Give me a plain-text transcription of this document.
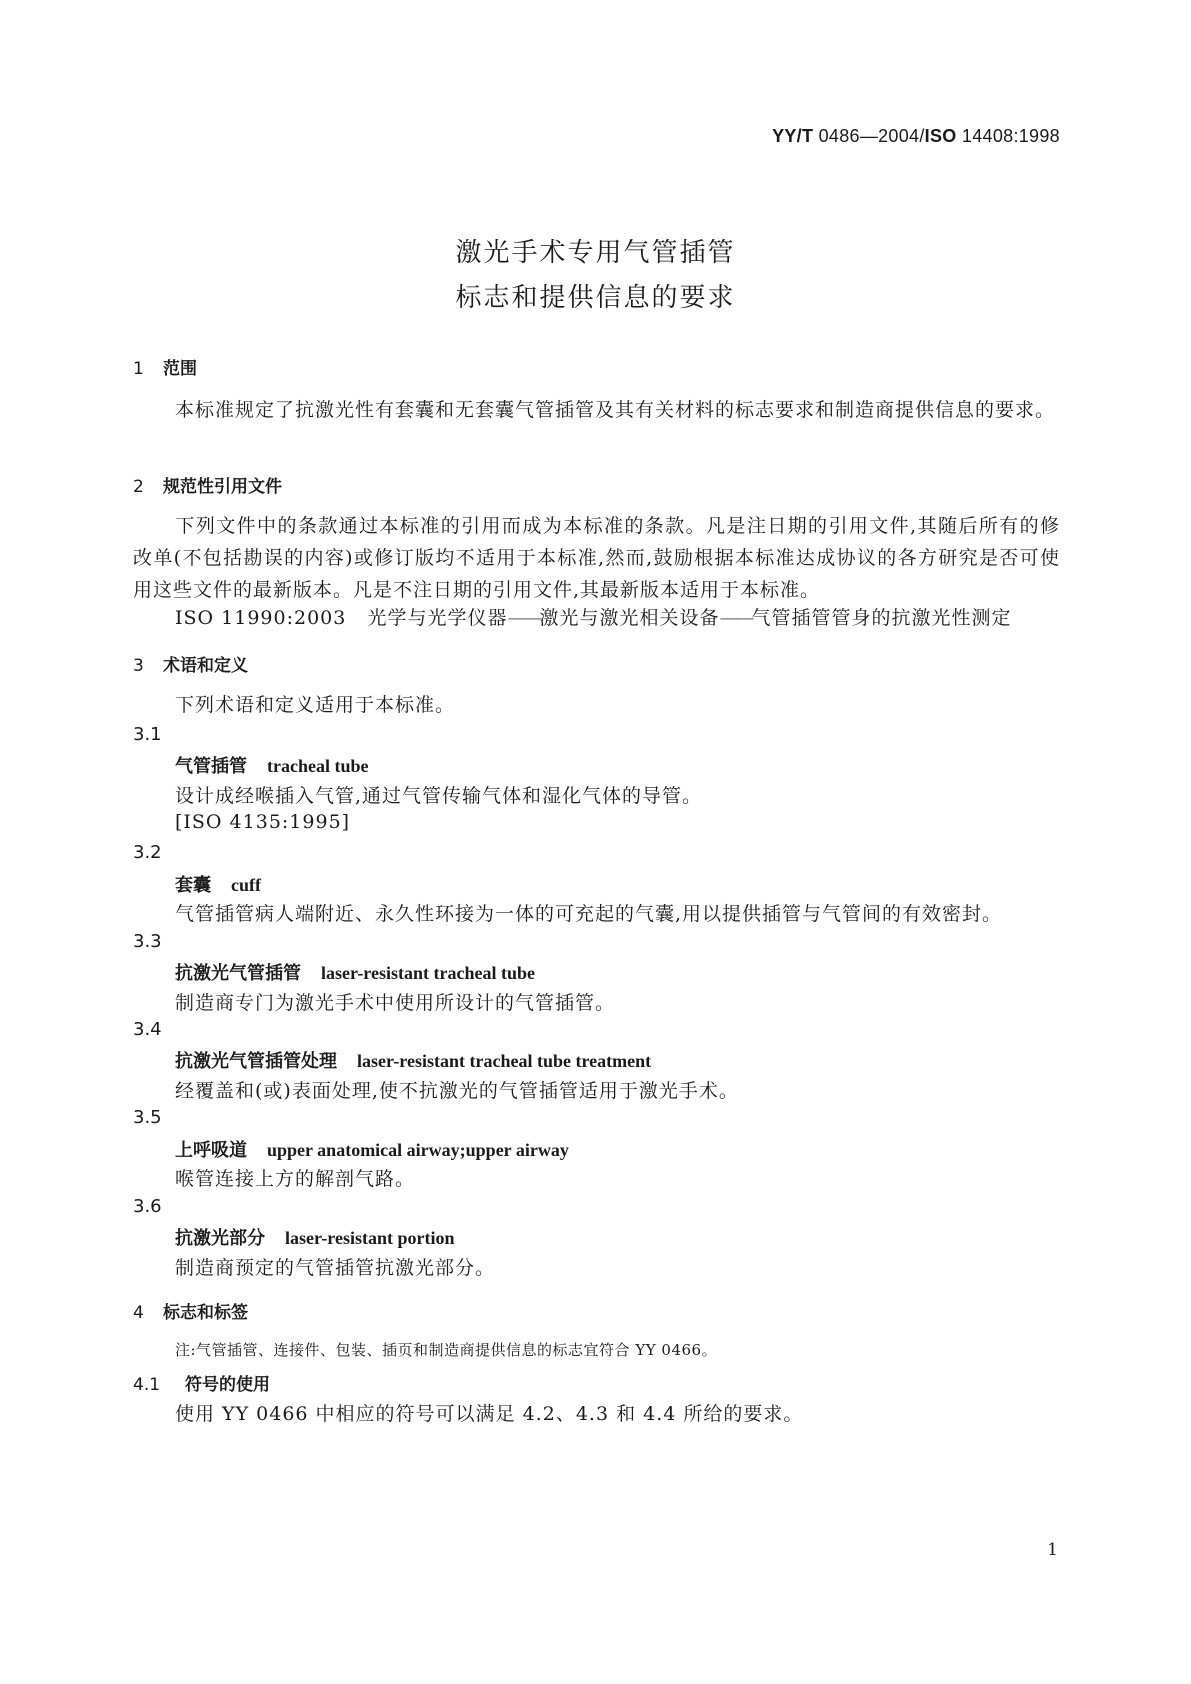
YY/T 0486—2004/ISO 14408:1998
激光手术专用气管插管
标志和提供信息的要求
1 范围
本标准规定了抗激光性有套囊和无套囊气管插管及其有关材料的标志要求和制造商提供信息的要求。
2 规范性引用文件
下列文件中的条款通过本标准的引用而成为本标准的条款。凡是注日期的引用文件,其随后所有的修改单(不包括勘误的内容)或修订版均不适用于本标准,然而,鼓励根据本标准达成协议的各方研究是否可使用这些文件的最新版本。凡是不注日期的引用文件,其最新版本适用于本标准。
ISO 11990:2003 光学与光学仪器——激光与激光相关设备——气管插管管身的抗激光性测定
3 术语和定义
下列术语和定义适用于本标准。
3.1
气管插管 tracheal tube
设计成经喉插入气管,通过气管传输气体和湿化气体的导管。
[ISO 4135:1995]
3.2
套囊 cuff
气管插管病人端附近、永久性环接为一体的可充起的气囊,用以提供插管与气管间的有效密封。
3.3
抗激光气管插管 laser-resistant tracheal tube
制造商专门为激光手术中使用所设计的气管插管。
3.4
抗激光气管插管处理 laser-resistant tracheal tube treatment
经覆盖和(或)表面处理,使不抗激光的气管插管适用于激光手术。
3.5
上呼吸道 upper anatomical airway;upper airway
喉管连接上方的解剖气路。
3.6
抗激光部分 laser-resistant portion
制造商预定的气管插管抗激光部分。
4 标志和标签
注:气管插管、连接件、包装、插页和制造商提供信息的标志宜符合 YY 0466。
4.1 符号的使用
使用 YY 0466 中相应的符号可以满足 4.2、4.3 和 4.4 所给的要求。
1
